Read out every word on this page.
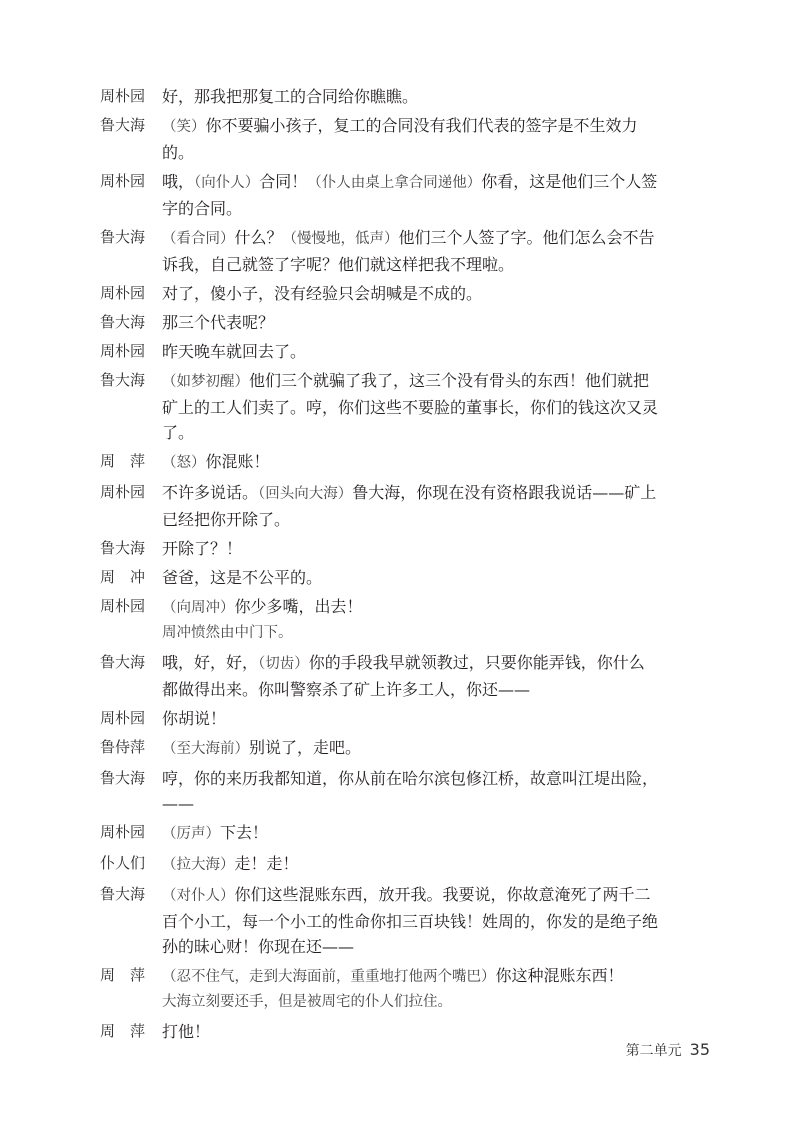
周朴园	好，那我把那复工的合同给你瞧瞧。
鲁大海	（笑）你不要骗小孩子，复工的合同没有我们代表的签字是不生效力的。
周朴园	哦，（向仆人）合同！（仆人由桌上拿合同递他）你看，这是他们三个人签字的合同。
鲁大海	（看合同）什么？（慢慢地，低声）他们三个人签了字。他们怎么会不告诉我，自己就签了字呢？他们就这样把我不理啦。
周朴园	对了，傻小子，没有经验只会胡喊是不成的。
鲁大海	那三个代表呢？
周朴园	昨天晚车就回去了。
鲁大海	（如梦初醒）他们三个就骗了我了，这三个没有骨头的东西！他们就把矿上的工人们卖了。哼，你们这些不要脸的董事长，你们的钱这次又灵了。
周　萍	（怒）你混账！
周朴园	不许多说话。（回头向大海）鲁大海，你现在没有资格跟我说话——矿上已经把你开除了。
鲁大海	开除了？！
周　冲	爸爸，这是不公平的。
周朴园	（向周冲）你少多嘴，出去！
周冲愤然由中门下。
鲁大海	哦，好，好，（切齿）你的手段我早就领教过，只要你能弄钱，你什么都做得出来。你叫警察杀了矿上许多工人，你还——
周朴园	你胡说！
鲁侍萍	（至大海前）别说了，走吧。
鲁大海	哼，你的来历我都知道，你从前在哈尔滨包修江桥，故意叫江堤出险，——
周朴园	（厉声）下去！
仆人们	（拉大海）走！走！
鲁大海	（对仆人）你们这些混账东西，放开我。我要说，你故意淹死了两千二百个小工，每一个小工的性命你扣三百块钱！姓周的，你发的是绝子绝孙的昧心财！你现在还——
周　萍	（忍不住气，走到大海面前，重重地打他两个嘴巴）你这种混账东西！
大海立刻要还手，但是被周宅的仆人们拉住。
周　萍	打他！
第二单元 35
